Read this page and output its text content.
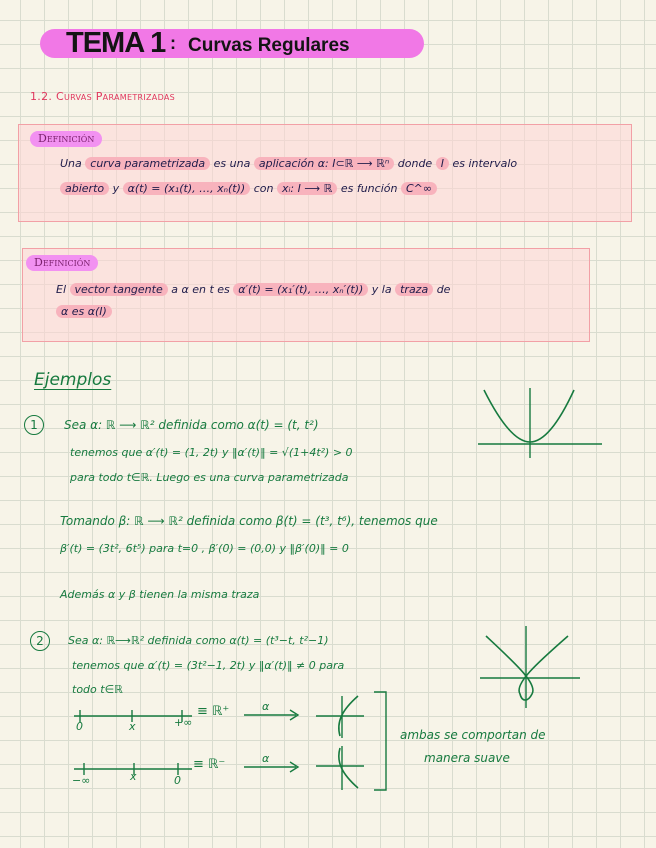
TEMA 1 : Curvas Regulares
1.2. Curvas Parametrizadas
Definición
Una curva parametrizada es una aplicación α: I⊂ℝ ⟶ ℝⁿ donde I es intervalo
abierto y α(t) = (x₁(t), …, xₙ(t)) con xᵢ: I ⟶ ℝ es función C^∞
Definición
El vector tangente a α en t es α′(t) = (x₁′(t), …, xₙ′(t)) y la traza de
α es α(I)
Ejemplos
1	Sea α: ℝ ⟶ ℝ² definida como α(t) = (t, t²)
tenemos que α′(t) = (1, 2t) y ‖α′(t)‖ = √(1+4t²) > 0
para todo t∈ℝ. Luego es una curva parametrizada
Tomando β: ℝ ⟶ ℝ² definida como β(t) = (t³, t⁶), tenemos que
β′(t) = (3t², 6t⁵) para t=0 , β′(0) = (0,0) y ‖β′(0)‖ = 0
Además α y β tienen la misma traza
2	Sea α: ℝ⟶ℝ² definida como α(t) = (t³−t, t²−1)
tenemos que α′(t) = (3t²−1, 2t) y ‖α′(t)‖ ≠ 0 para
todo t∈ℝ
0	x	+∞
≡ ℝ⁺	α
−∞	x	0
≡ ℝ⁻	α
ambas se comportan de
manera suave
